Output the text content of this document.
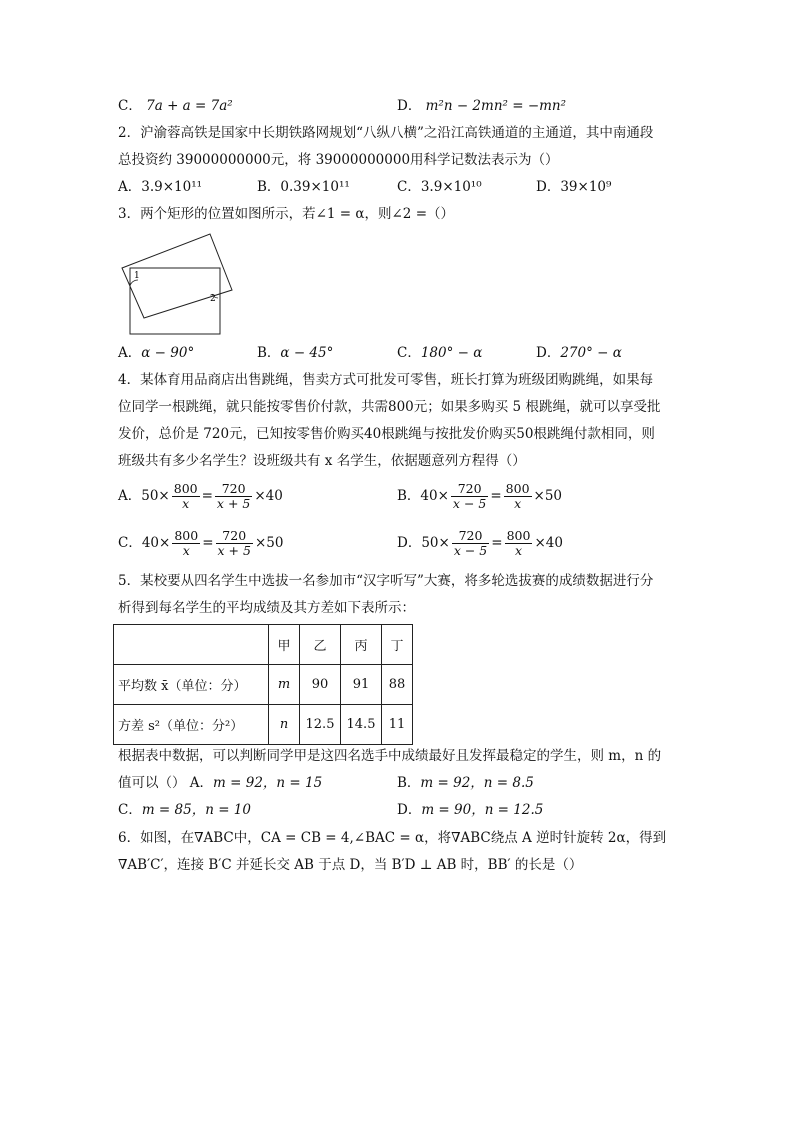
C． 7a + a = 7a²	D． m²n − 2mn² = −mn²
2．沪渝蓉高铁是国家中长期铁路网规划“八纵八横”之沿江高铁通道的主通道，其中南通段
总投资约 39000000000元，将 39000000000用科学记数法表示为（）
A．3.9×10¹¹	B．0.39×10¹¹	C．3.9×10¹⁰	D．39×10⁹
3．两个矩形的位置如图所示，若∠1 = α，则∠2 =（）
1
2
A．α − 90°	B．α − 45°	C．180° − α	D．270° − α
4．某体育用品商店出售跳绳，售卖方式可批发可零售，班长打算为班级团购跳绳，如果每
位同学一根跳绳，就只能按零售价付款，共需800元；如果多购买 5 根跳绳，就可以享受批
发价，总价是 720元，已知按零售价购买40根跳绳与按批发价购买50根跳绳付款相同，则
班级共有多少名学生？设班级共有 x 名学生，依据题意列方程得（）
A．$50\times \frac{800}{x} = \frac{720}{x + 5} \times 40$	B．$40\times \frac{720}{x - 5} = \frac{800}{x} \times 50$
C．$40\times \frac{800}{x} = \frac{720}{x + 5} \times 50$	D．$50\times \frac{720}{x - 5} = \frac{800}{x} \times 40$
5．某校要从四名学生中选拔一名参加市“汉字听写”大赛，将多轮选拔赛的成绩数据进行分
析得到每名学生的平均成绩及其方差如下表所示：
	甲	乙	丙	丁
平均数 x̄（单位：分）	m	90	91	88
方差 s²（单位：分²）	n	12.5	14.5	11
根据表中数据，可以判断同学甲是这四名选手中成绩最好且发挥最稳定的学生，则 m，n 的
值可以（） A．m = 92，n = 15	B．m = 92，n = 8.5
C．m = 85，n = 10	D．m = 90，n = 12.5
6．如图，在∇ABC中，CA = CB = 4,∠BAC = α，将∇ABC绕点 A 逆时针旋转 2α，得到
∇AB′C′，连接 B′C 并延长交 AB 于点 D，当 B′D ⊥ AB 时，BB′ 的长是（）
